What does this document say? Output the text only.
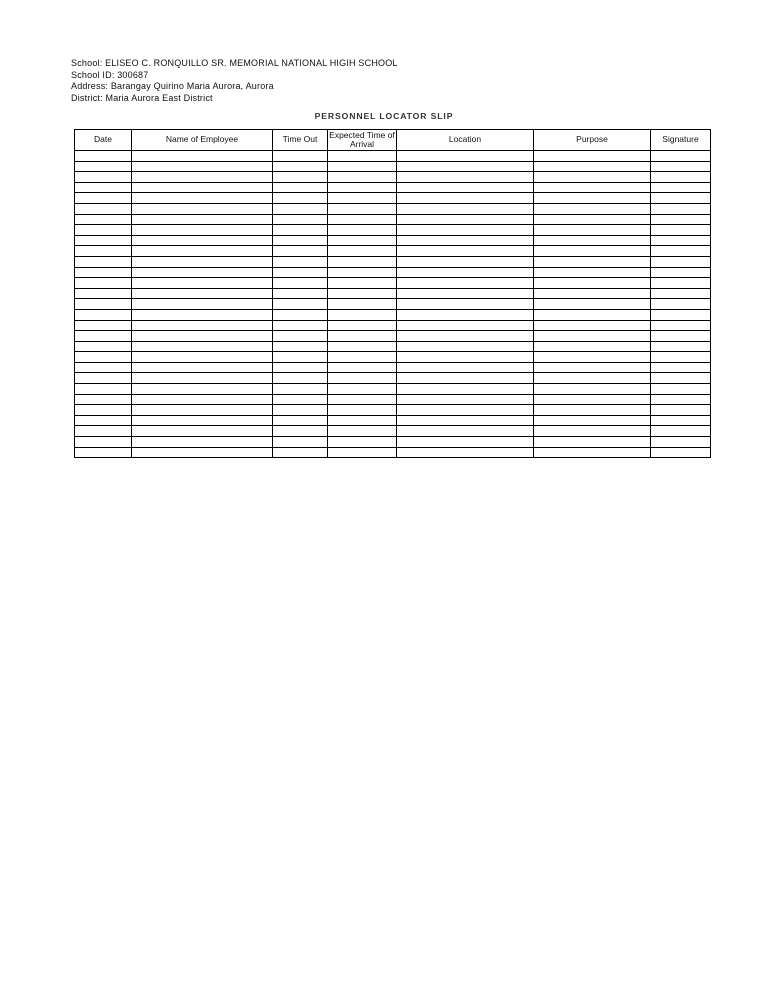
School: ELISEO C. RONQUILLO SR. MEMORIAL NATIONAL HIGIH SCHOOL
School ID: 300687
Address: Barangay Quirino Maria Aurora, Aurora
District: Maria Aurora East District
PERSONNEL LOCATOR SLIP
Date	Name of Employee	Time Out	Expected Time of Arrival	Location	Purpose	Signature
